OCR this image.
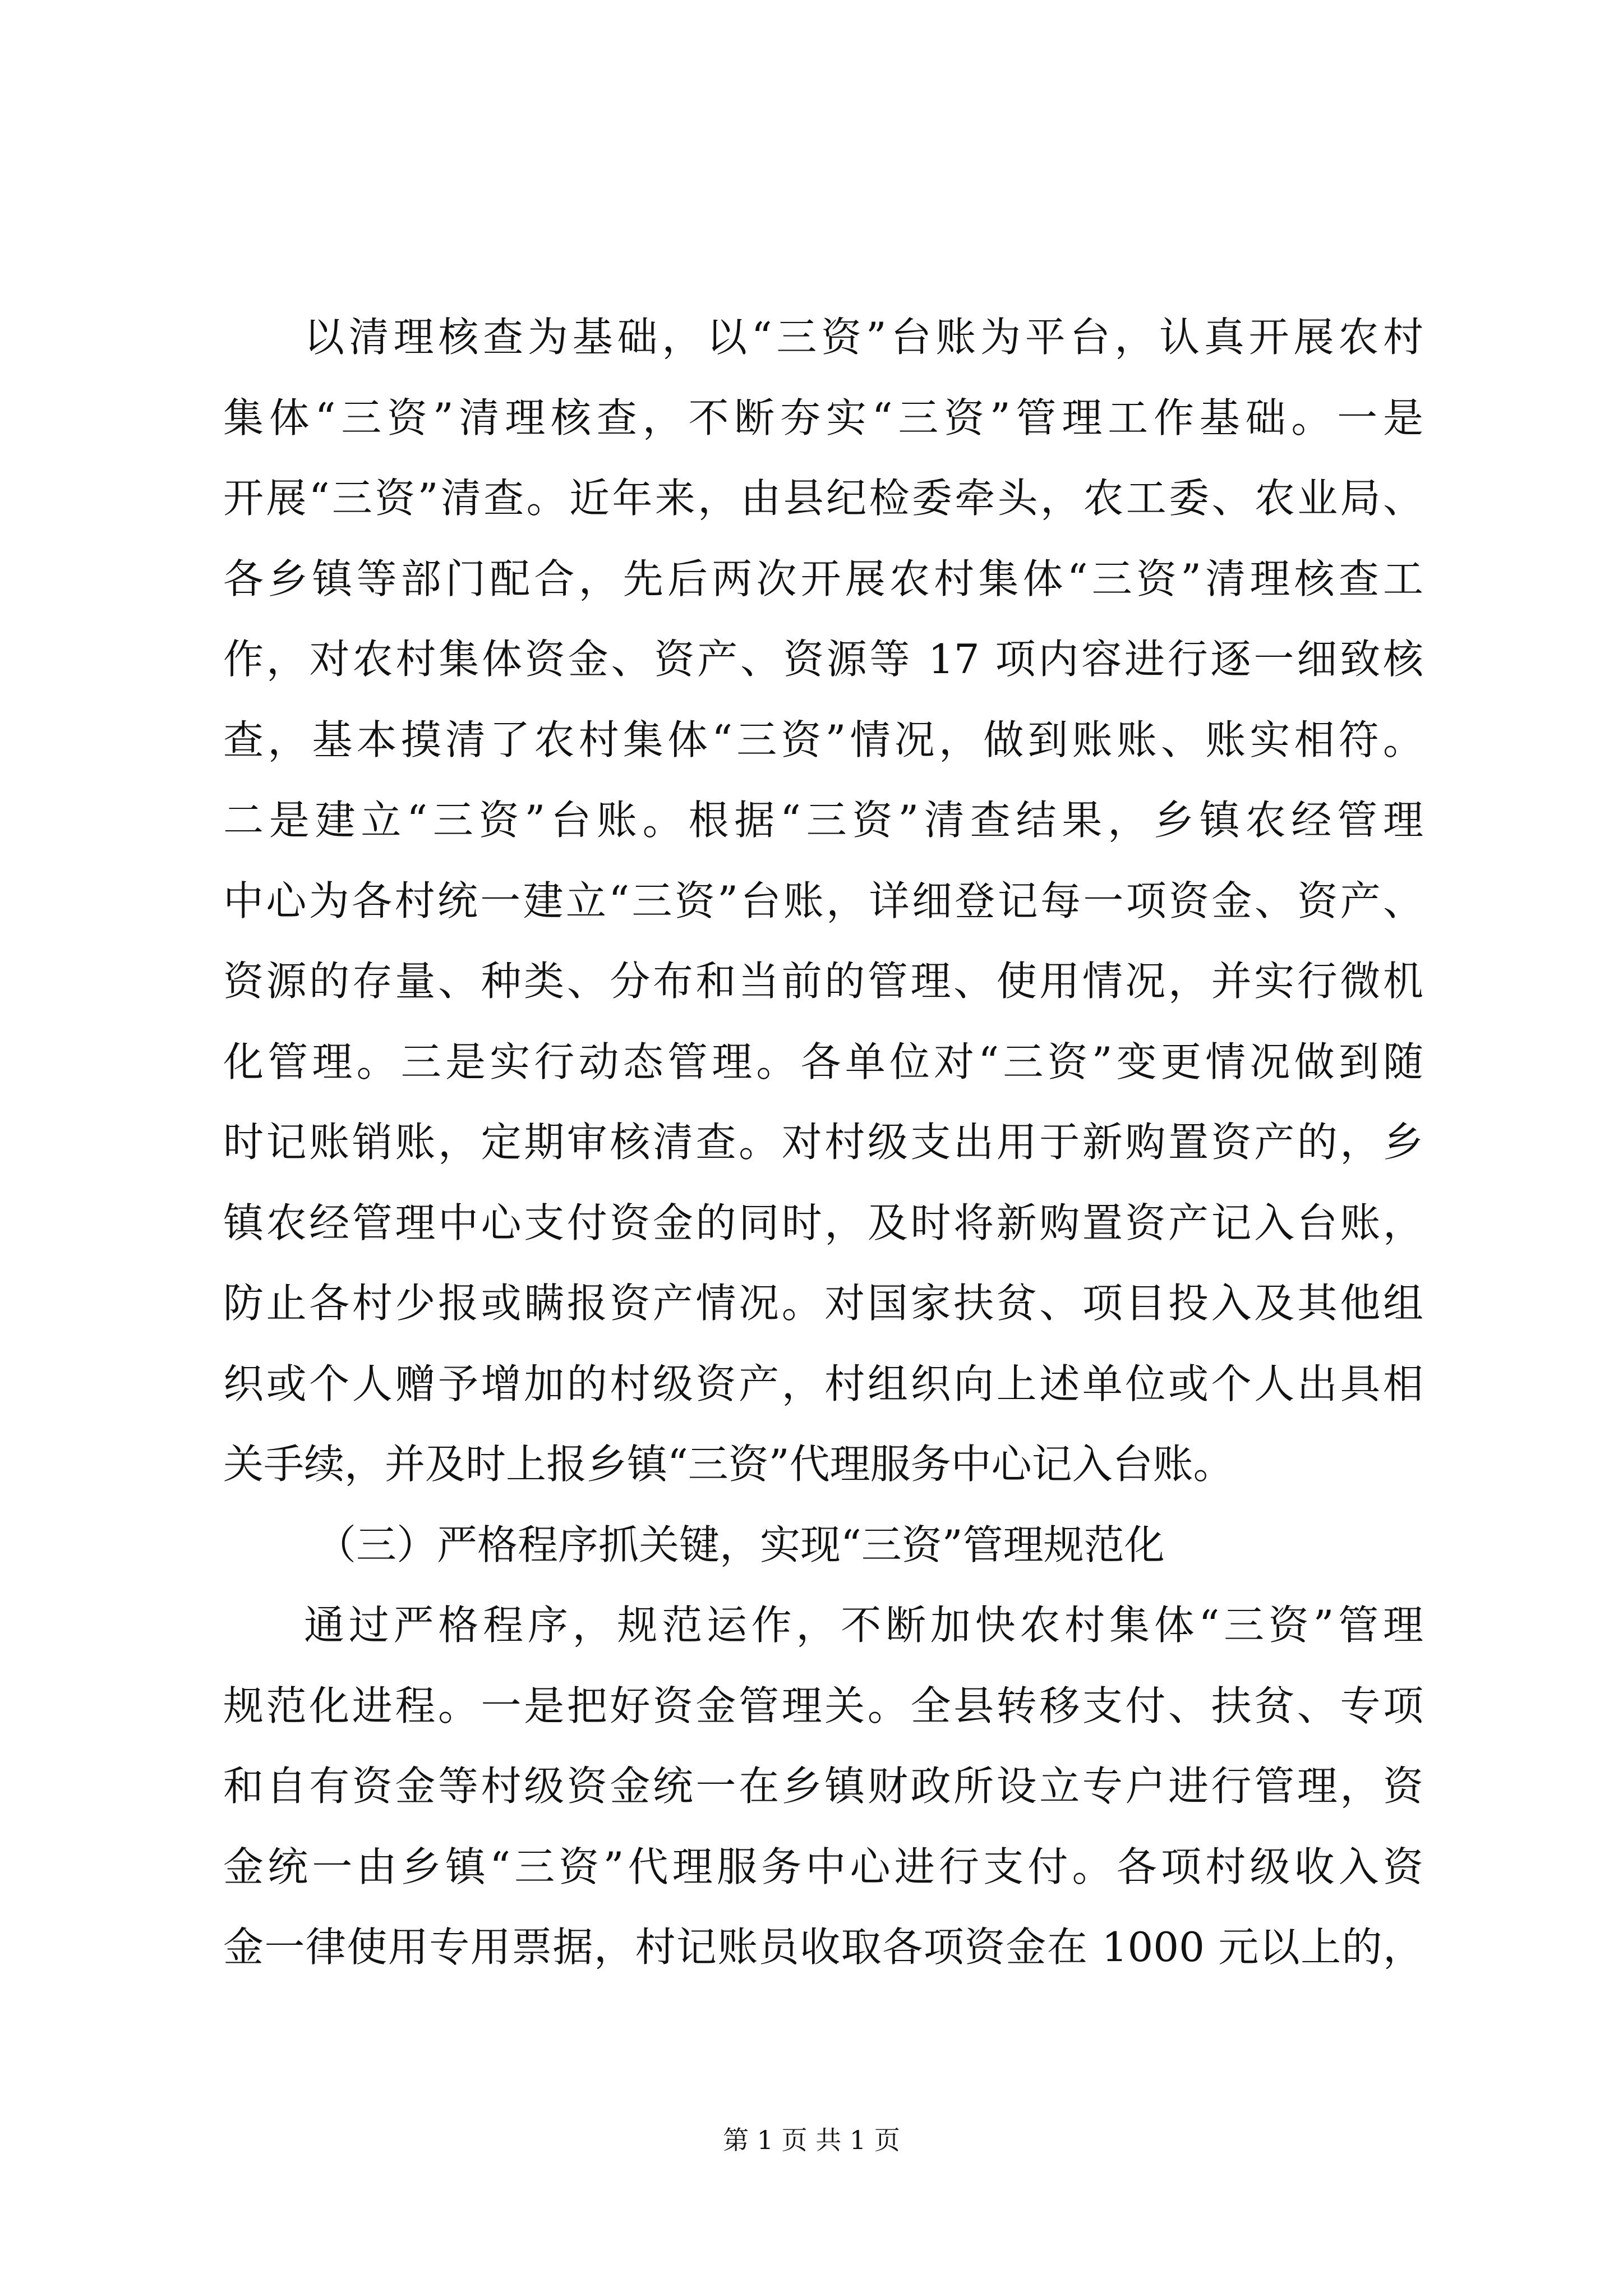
以清理核查为基础，以“三资”台账为平台，认真开展农村
集体“三资”清理核查，不断夯实“三资”管理工作基础。一是
开展“三资”清查。近年来，由县纪检委牵头，农工委、农业局、
各乡镇等部门配合，先后两次开展农村集体“三资”清理核查工
作，对农村集体资金、资产、资源等 17 项内容进行逐一细致核
查，基本摸清了农村集体“三资”情况，做到账账、账实相符。
二是建立“三资”台账。根据“三资”清查结果，乡镇农经管理
中心为各村统一建立“三资”台账，详细登记每一项资金、资产、
资源的存量、种类、分布和当前的管理、使用情况，并实行微机
化管理。三是实行动态管理。各单位对“三资”变更情况做到随
时记账销账，定期审核清查。对村级支出用于新购置资产的，乡
镇农经管理中心支付资金的同时，及时将新购置资产记入台账，
防止各村少报或瞒报资产情况。对国家扶贫、项目投入及其他组
织或个人赠予增加的村级资产，村组织向上述单位或个人出具相
关手续，并及时上报乡镇“三资”代理服务中心记入台账。
（三）严格程序抓关键，实现“三资”管理规范化
通过严格程序，规范运作，不断加快农村集体“三资”管理
规范化进程。一是把好资金管理关。全县转移支付、扶贫、专项
和自有资金等村级资金统一在乡镇财政所设立专户进行管理，资
金统一由乡镇“三资”代理服务中心进行支付。各项村级收入资
金一律使用专用票据，村记账员收取各项资金在 1000 元以上的，
第 1 页 共 1 页
